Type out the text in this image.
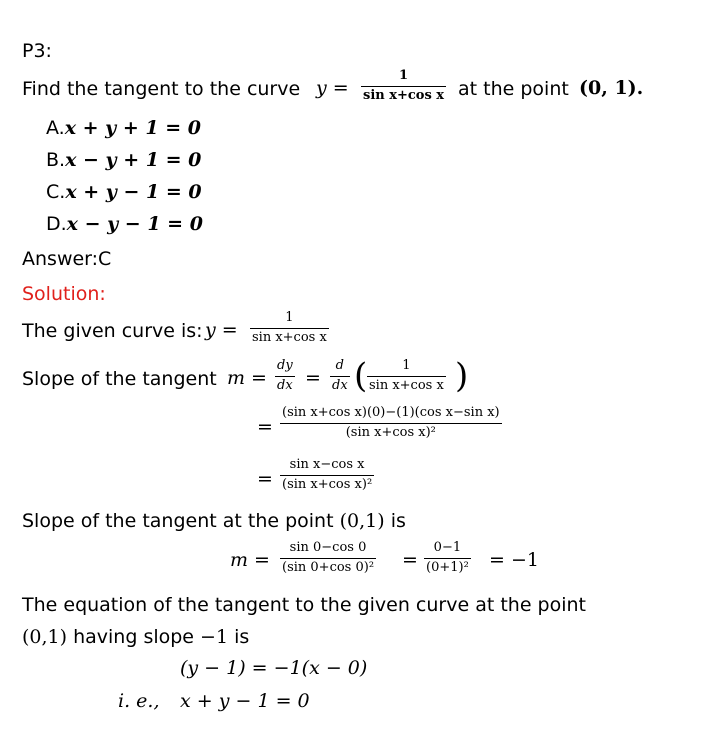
P3:
Find the tangent to the curve y =
1
sin x+cos x at the point (0, 1).
A.x + y + 1 = 0
B.x − y + 1 = 0
C.x + y − 1 = 0
D.x − y − 1 = 0
Answer:C
Solution:
The given curve is: y =
1
sin x+cos x
Slope of the tangent m =
dy
dx =
d
dx (	1
sin x+cos x )
=
(sin x+cos x)(0)−(1)(cos x−sin x)
(sin x+cos x)²
=
sin x−cos x
(sin x+cos x)²
Slope of the tangent at the point (0,1) is
m =
sin 0−cos 0
(sin 0+cos 0)² =
0−1
(0+1)² = −1
The equation of the tangent to the given curve at the point
(0,1) having slope −1 is
(y − 1) = −1(x − 0)
i. e., x + y − 1 = 0
